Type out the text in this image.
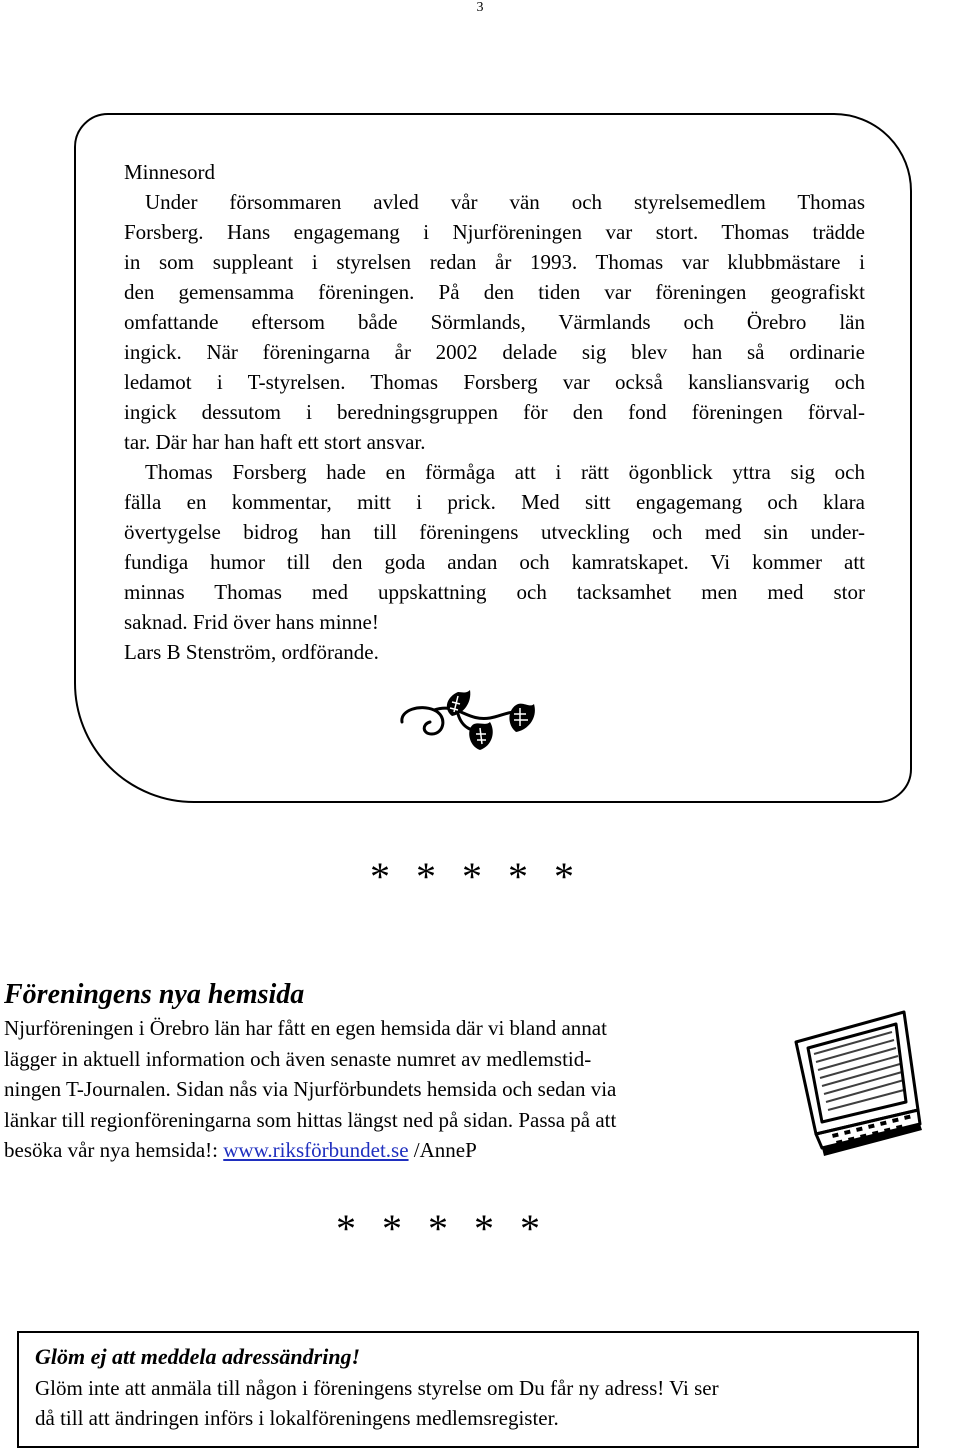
3

Minnesord

Under försommaren avled vår vän och styrelsemedlem Thomas

Forsberg. Hans engagemang i Njurföreningen var stort. Thomas trädde

in som suppleant i styrelsen redan år 1993. Thomas var klubbmästare i

den gemensamma föreningen. På den tiden var föreningen geografiskt

omfattande eftersom både Sörmlands, Värmlands och Örebro län

ingick. När föreningarna år 2002 delade sig blev han så ordinarie

ledamot i T-styrelsen. Thomas Forsberg var också kansliansvarig och

ingick dessutom i beredningsgruppen för den fond föreningen förval-

tar. Där har han haft ett stort ansvar.

Thomas Forsberg hade en förmåga att i rätt ögonblick yttra sig och

fälla en kommentar, mitt i prick. Med sitt engagemang och klara

övertygelse bidrog han till föreningens utveckling och med sin under-

fundiga humor till den goda andan och kamratskapet. Vi kommer att

minnas Thomas med uppskattning och tacksamhet men med stor

saknad. Frid över hans minne!

Lars B Stenström, ordförande.

* * * * *
Föreningens nya hemsida
Njurföreningen i Örebro län har fått en egen hemsida där vi bland annat
lägger in aktuell information och även senaste numret av medlemstid-
ningen T-Journalen. Sidan nås via Njurförbundets hemsida och sedan via
länkar till regionföreningarna som hittas längst ned på sidan. Passa på att
besöka vår nya hemsida!: www.riksförbundet.se /AnneP
* * * * *
Glöm ej att meddela adressändring!
Glöm inte att anmäla till någon i föreningens styrelse om Du får ny adress! Vi ser
då till att ändringen införs i lokalföreningens medlemsregister.
